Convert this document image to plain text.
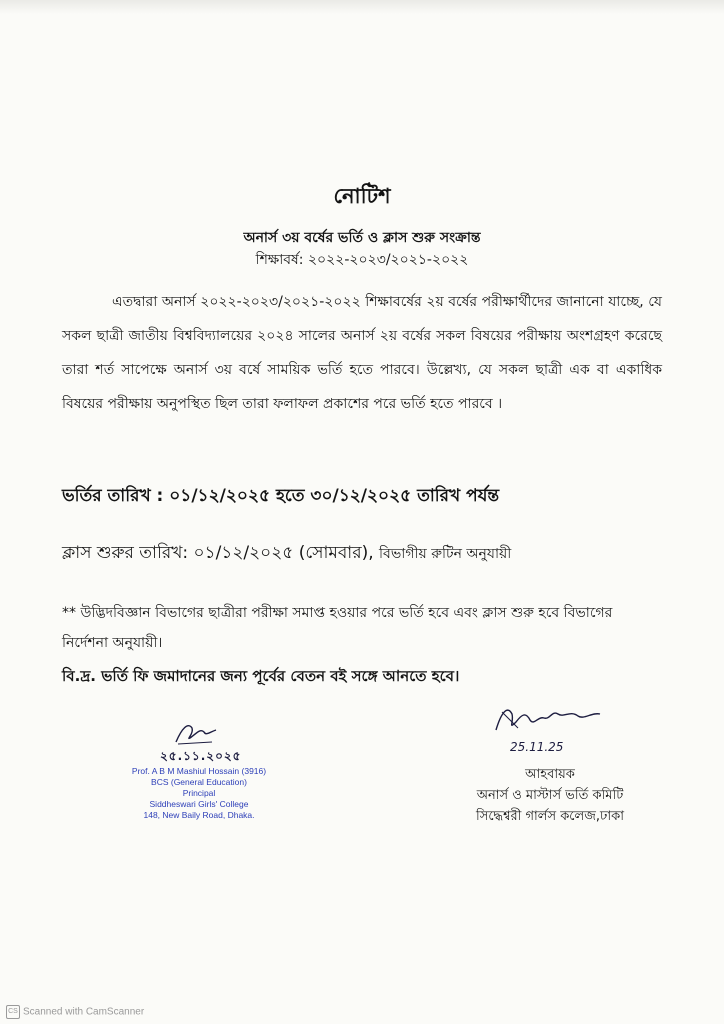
নোটিশ
অনার্স ৩য় বর্ষের ভর্তি ও ক্লাস শুরু সংক্রান্ত
শিক্ষাবর্ষ: ২০২২-২০২৩/২০২১-২০২২
এতদ্বারা অনার্স ২০২২-২০২৩/২০২১-২০২২ শিক্ষাবর্ষের ২য় বর্ষের পরীক্ষার্থীদের জানানো যাচ্ছে, যে সকল ছাত্রী জাতীয় বিশ্ববিদ্যালয়ের ২০২৪ সালের অনার্স ২য় বর্ষের সকল বিষয়ের পরীক্ষায় অংশগ্রহণ করেছে তারা শর্ত সাপেক্ষে অনার্স ৩য় বর্ষে সাময়িক ভর্তি হতে পারবে। উল্লেখ্য, যে সকল ছাত্রী এক বা একাধিক বিষয়ের পরীক্ষায় অনুপস্থিত ছিল তারা ফলাফল প্রকাশের পরে ভর্তি হতে পারবে ।
ভর্তির তারিখ : ০১/১২/২০২৫ হতে ৩০/১২/২০২৫ তারিখ পর্যন্ত
ক্লাস শুরুর তারিখ: ০১/১২/২০২৫ (সোমবার), বিভাগীয় রুটিন অনুযায়ী
** উদ্ভিদবিজ্ঞান বিভাগের ছাত্রীরা পরীক্ষা সমাপ্ত হওয়ার পরে ভর্তি হবে এবং ক্লাস শুরু হবে বিভাগের নির্দেশনা অনুযায়ী।
বি.দ্র. ভর্তি ফি জমাদানের জন্য পূর্বের বেতন বই সঙ্গে আনতে হবে।
২৫.১১.২০২৫
Prof. A B M Mashiul Hossain (3916)
BCS (General Education)
Principal
Siddheswari Girls' College
148, New Baily Road, Dhaka.
25.11.25
আহবায়ক
অনার্স ও মাস্টার্স ভর্তি কমিটি
সিদ্ধেশ্বরী গার্লস কলেজ,ঢাকা
CS Scanned with CamScanner
